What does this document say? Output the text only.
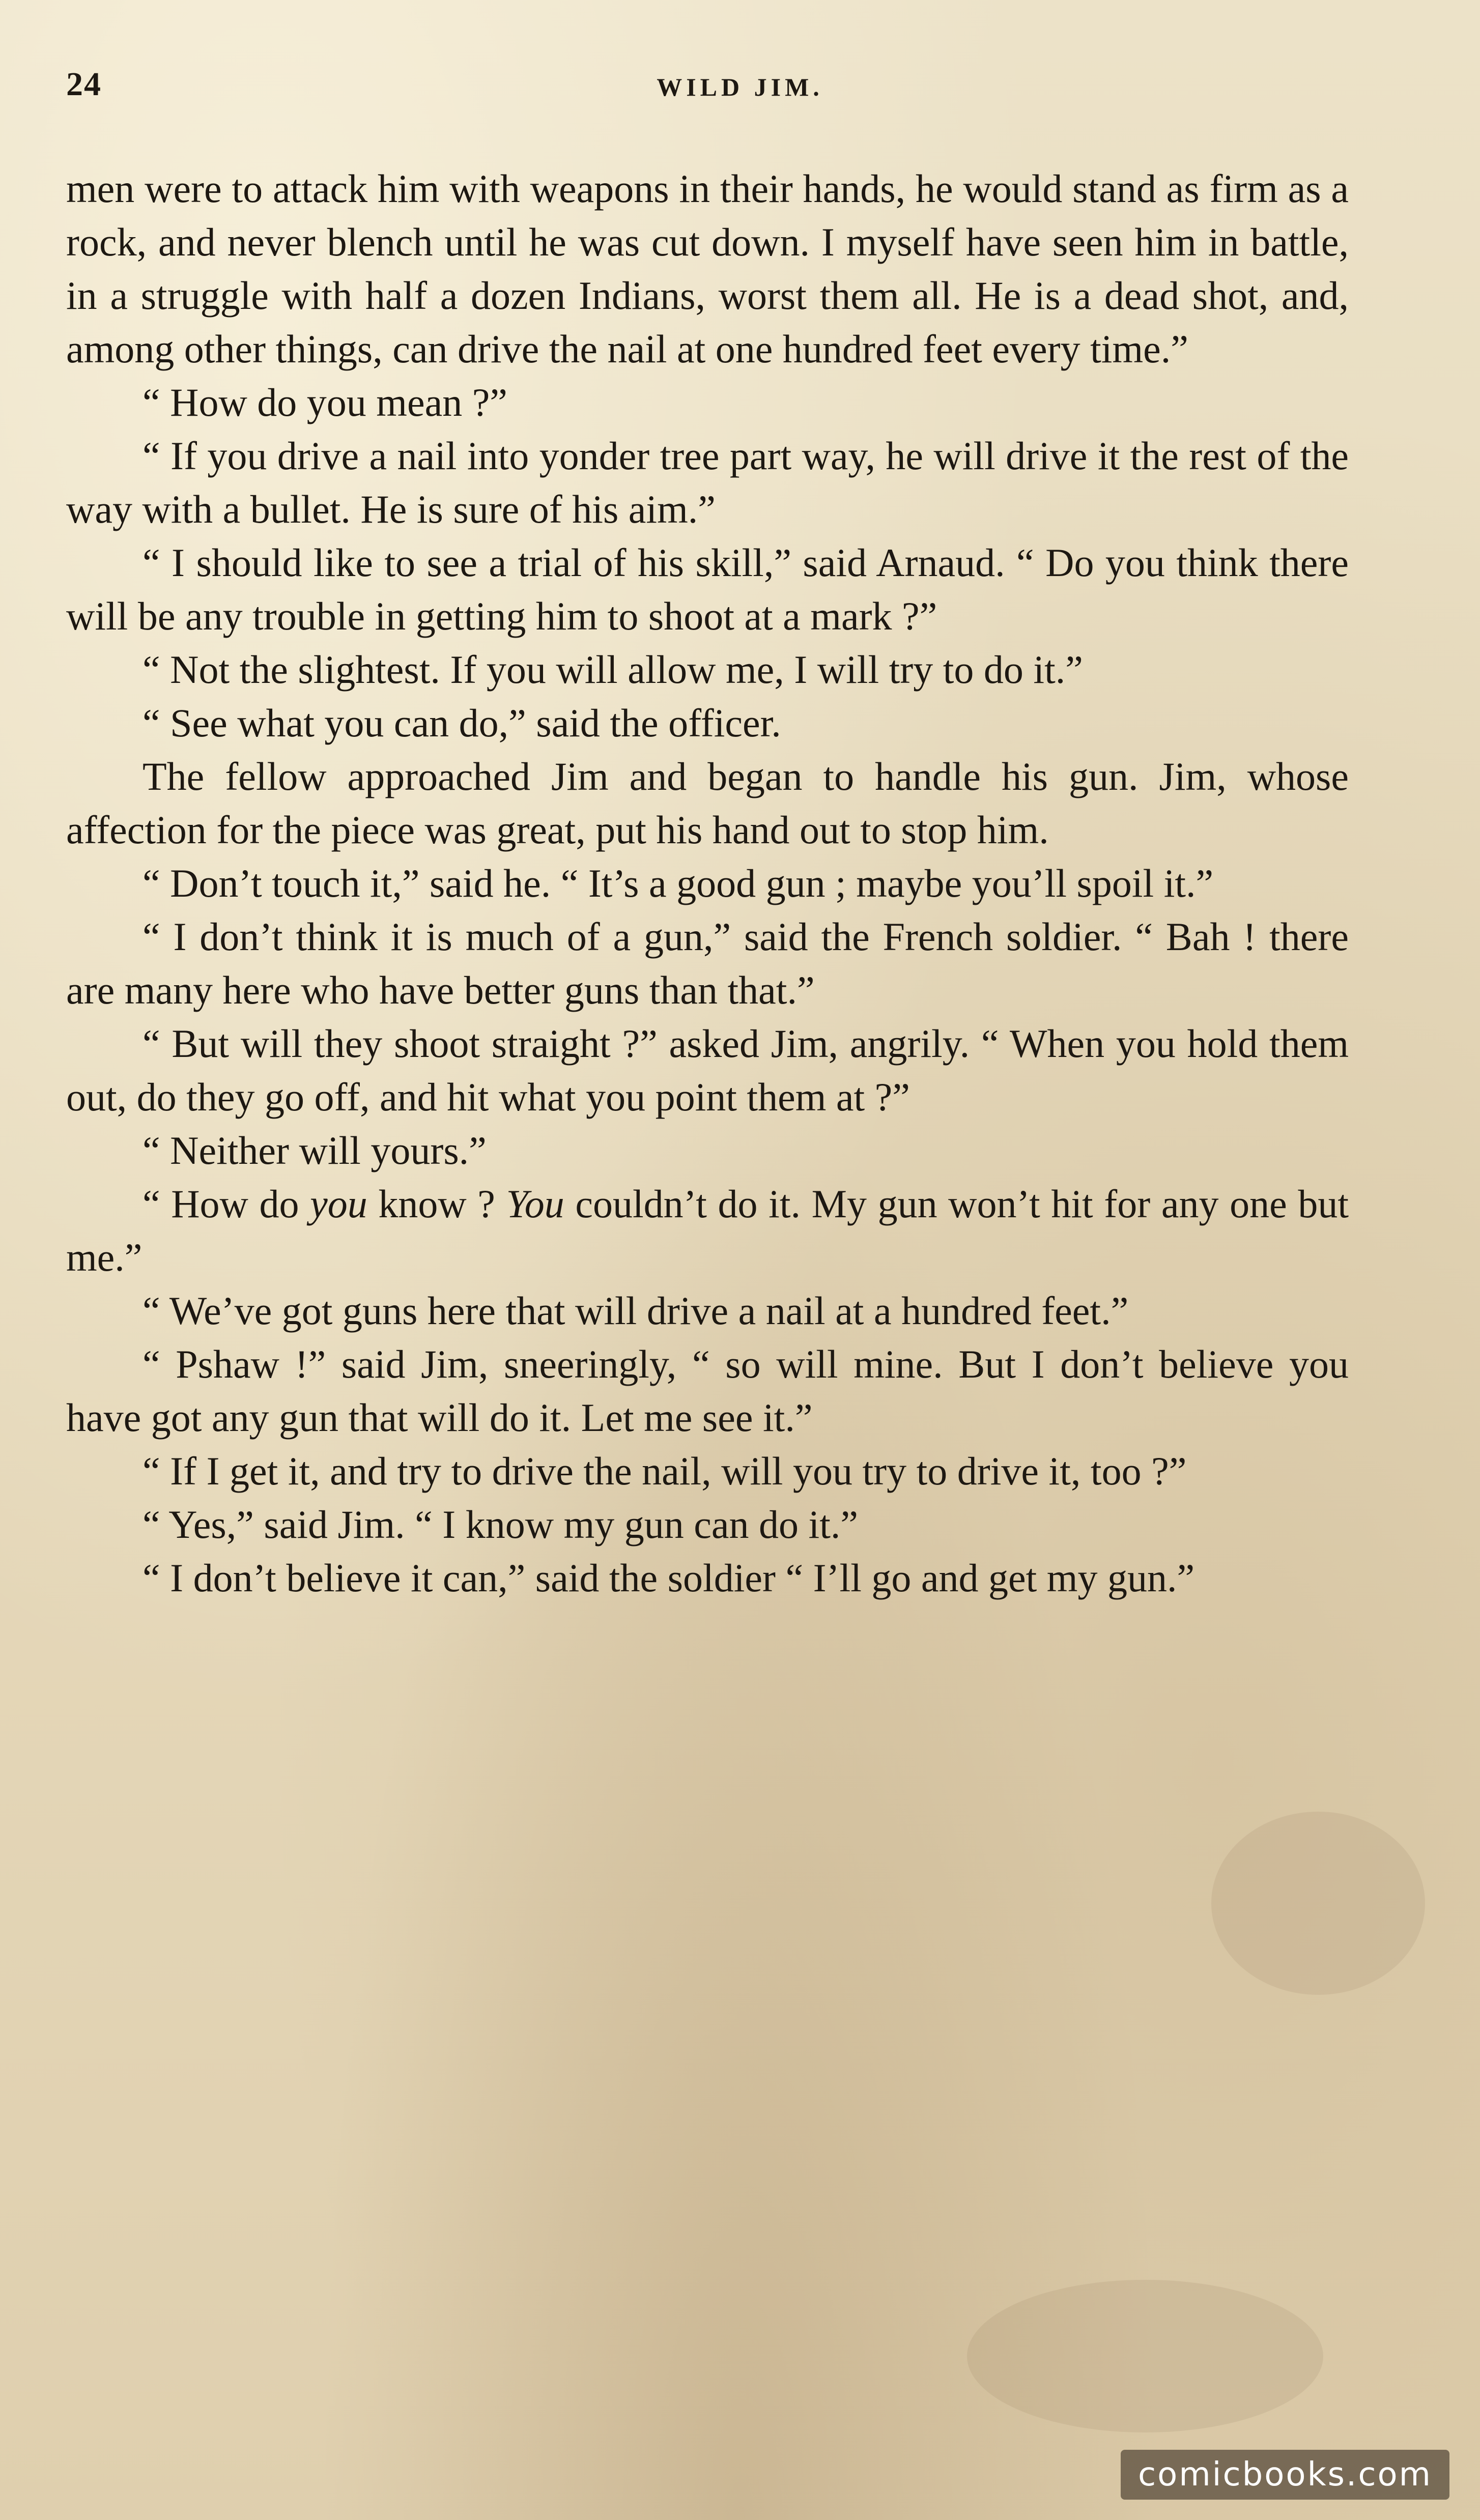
24	WILD JIM.

men were to attack him with weapons in their hands, he would stand as firm as a rock, and never blench until he was cut down. I myself have seen him in battle, in a struggle with half a dozen Indians, worst them all. He is a dead shot, and, among other things, can drive the nail at one hundred feet every time.”

“ How do you mean ?”

“ If you drive a nail into yonder tree part way, he will drive it the rest of the way with a bullet. He is sure of his aim.”

“ I should like to see a trial of his skill,” said Arnaud. “ Do you think there will be any trouble in getting him to shoot at a mark ?”

“ Not the slightest. If you will allow me, I will try to do it.”

“ See what you can do,” said the officer.

The fellow approached Jim and began to handle his gun. Jim, whose affection for the piece was great, put his hand out to stop him.

“ Don’t touch it,” said he. “ It’s a good gun ; maybe you’ll spoil it.”

“ I don’t think it is much of a gun,” said the French soldier. “ Bah ! there are many here who have better guns than that.”

“ But will they shoot straight ?” asked Jim, angrily. “ When you hold them out, do they go off, and hit what you point them at ?”

“ Neither will yours.”

“ How do you know ? You couldn’t do it. My gun won’t hit for any one but me.”

“ We’ve got guns here that will drive a nail at a hundred feet.”

“ Pshaw !” said Jim, sneeringly, “ so will mine. But I don’t believe you have got any gun that will do it. Let me see it.”

“ If I get it, and try to drive the nail, will you try to drive it, too ?”

“ Yes,” said Jim. “ I know my gun can do it.”

“ I don’t believe it can,” said the soldier “ I’ll go and get my gun.”

comicbooks.com
